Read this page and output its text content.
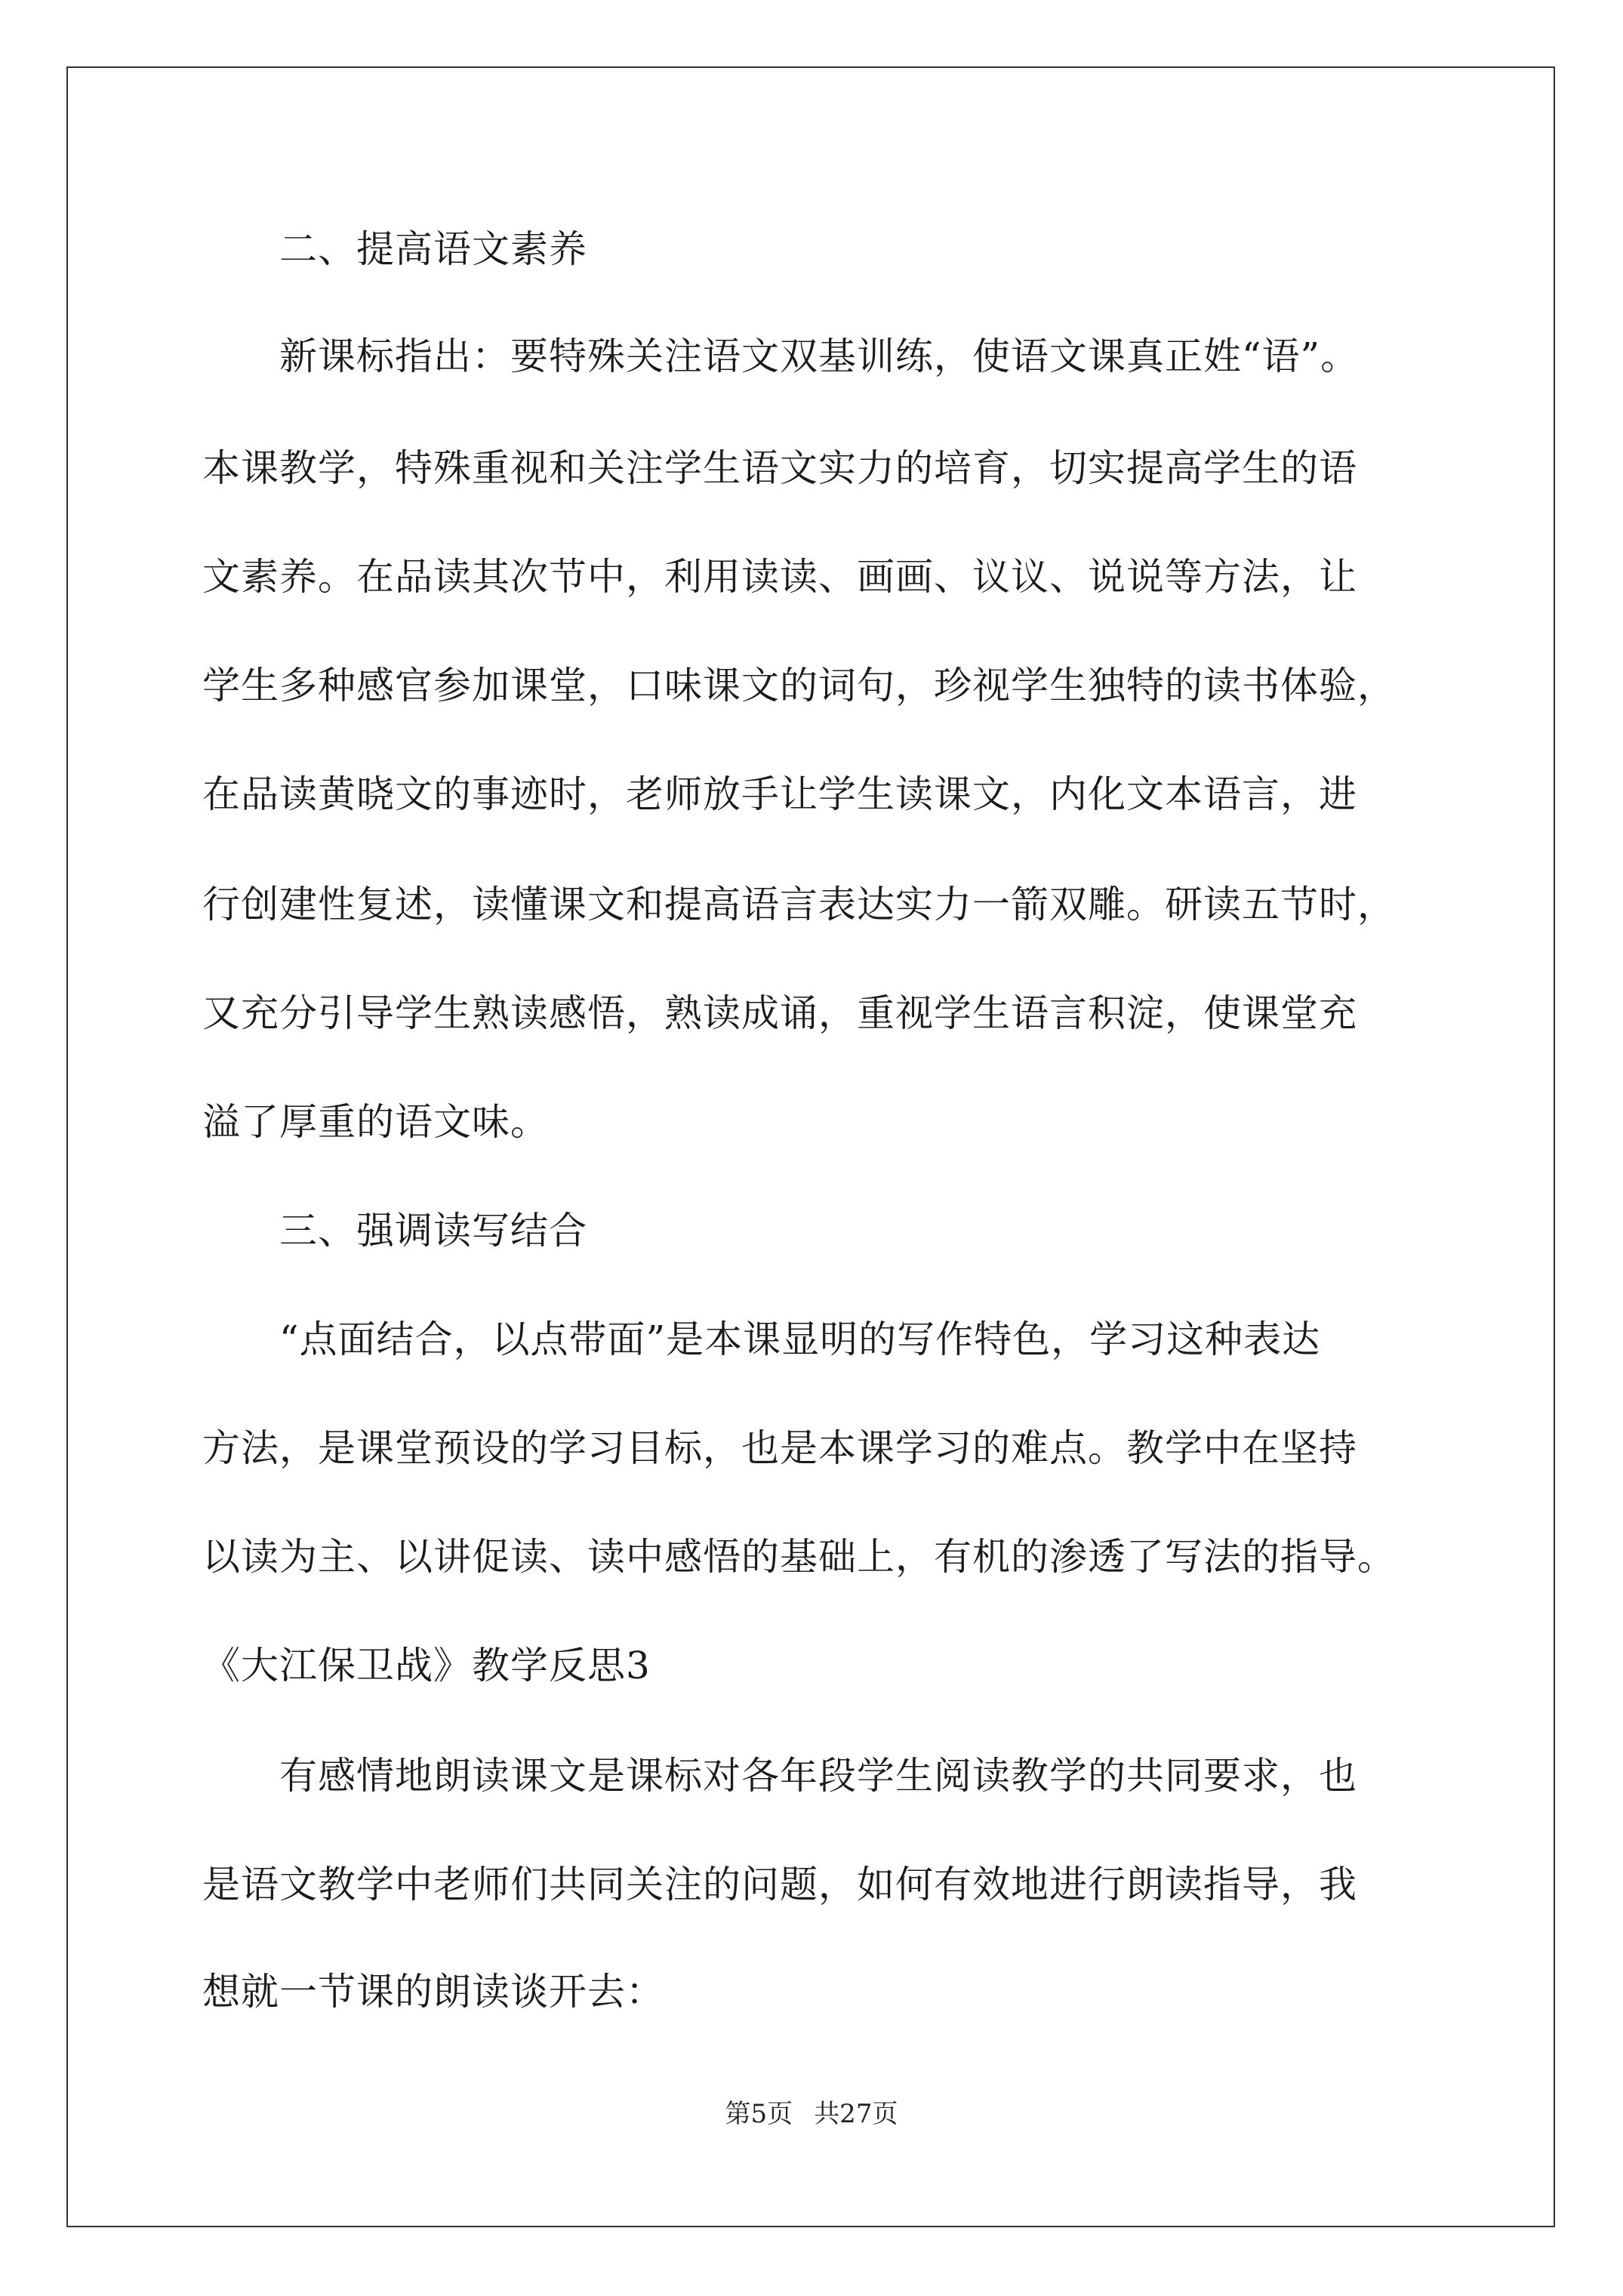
二、提高语文素养

新课标指出：要特殊关注语文双基训练，使语文课真正姓“语”。

本课教学，特殊重视和关注学生语文实力的培育，切实提高学生的语

文素养。在品读其次节中，利用读读、画画、议议、说说等方法，让

学生多种感官参加课堂，口味课文的词句，珍视学生独特的读书体验，

在品读黄晓文的事迹时，老师放手让学生读课文，内化文本语言，进

行创建性复述，读懂课文和提高语言表达实力一箭双雕。研读五节时，

又充分引导学生熟读感悟，熟读成诵，重视学生语言积淀，使课堂充

溢了厚重的语文味。

三、强调读写结合

“点面结合，以点带面”是本课显明的写作特色，学习这种表达

方法，是课堂预设的学习目标，也是本课学习的难点。教学中在坚持

以读为主、以讲促读、读中感悟的基础上，有机的渗透了写法的指导。

《大江保卫战》教学反思3

有感情地朗读课文是课标对各年段学生阅读教学的共同要求，也

是语文教学中老师们共同关注的问题，如何有效地进行朗读指导，我

想就一节课的朗读谈开去：

第5页 共27页
